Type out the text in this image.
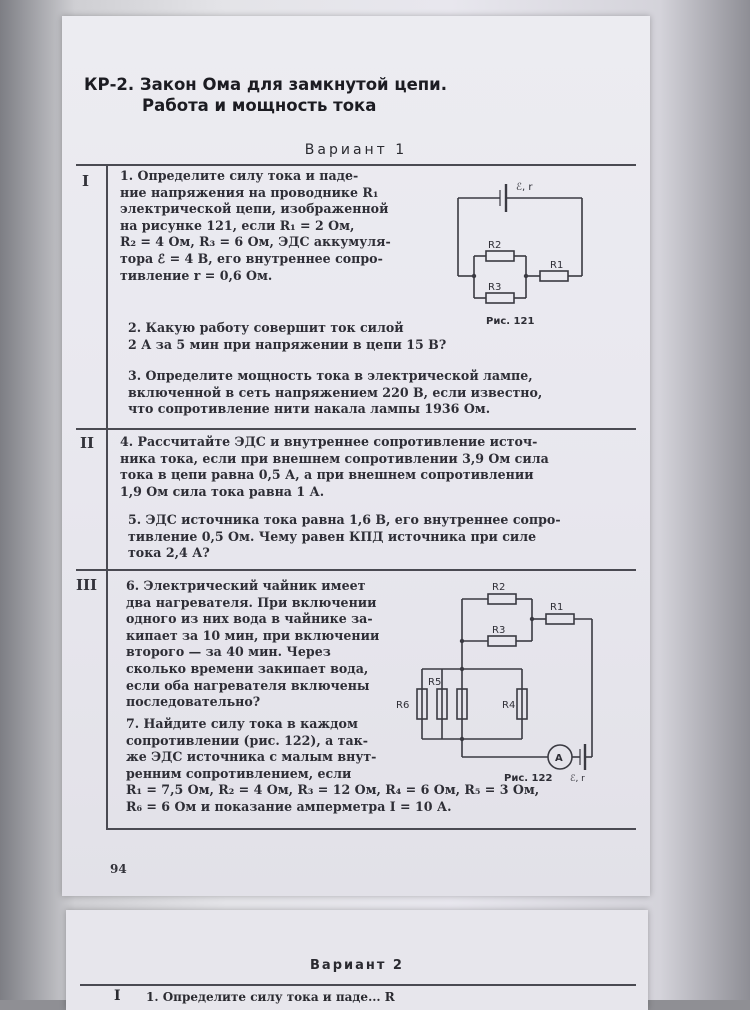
КР-2. Закон Ома для замкнутой цепи.
Работа и мощность тока
Вариант 1
I
II
III
1. Определите силу тока и паде-
ние напряжения на проводнике R₁
электрической цепи, изображенной
на рисунке 121, если R₁ = 2 Ом,
R₂ = 4 Ом, R₃ = 6 Ом, ЭДС аккумуля-
тора ℰ = 4 В, его внутреннее сопро-
тивление r = 0,6 Ом.
2. Какую работу совершит ток силой
2 А за 5 мин при напряжении в цепи 15 В?
3. Определите мощность тока в электрической лампе,
включенной в сеть напряжением 220 В, если известно,
что сопротивление нити накала лампы 1936 Ом.
ℰ, r
R2
R1
R3
Рис. 121
4. Рассчитайте ЭДС и внутреннее сопротивление источ-
ника тока, если при внешнем сопротивлении 3,9 Ом сила
тока в цепи равна 0,5 А, а при внешнем сопротивлении
1,9 Ом сила тока равна 1 А.
5. ЭДС источника тока равна 1,6 В, его внутреннее сопро-
тивление 0,5 Ом. Чему равен КПД источника при силе
тока 2,4 А?
6. Электрический чайник имеет
два нагревателя. При включении
одного из них вода в чайнике за-
кипает за 10 мин, при включении
второго — за 40 мин. Через
сколько времени закипает вода,
если оба нагревателя включены
последовательно?
7. Найдите силу тока в каждом
сопротивлении (рис. 122), а так-
же ЭДС источника с малым внут-
ренним сопротивлением, если
R₁ = 7,5 Ом, R₂ = 4 Ом, R₃ = 12 Ом, R₄ = 6 Ом, R₅ = 3 Ом,
R₆ = 6 Ом и показание амперметра I = 10 А.
R2
R1
R3
R6
R5
R4
A
ℰ, r
Рис. 122
94
Вариант 2
I 1. Определите силу тока и паде... R
